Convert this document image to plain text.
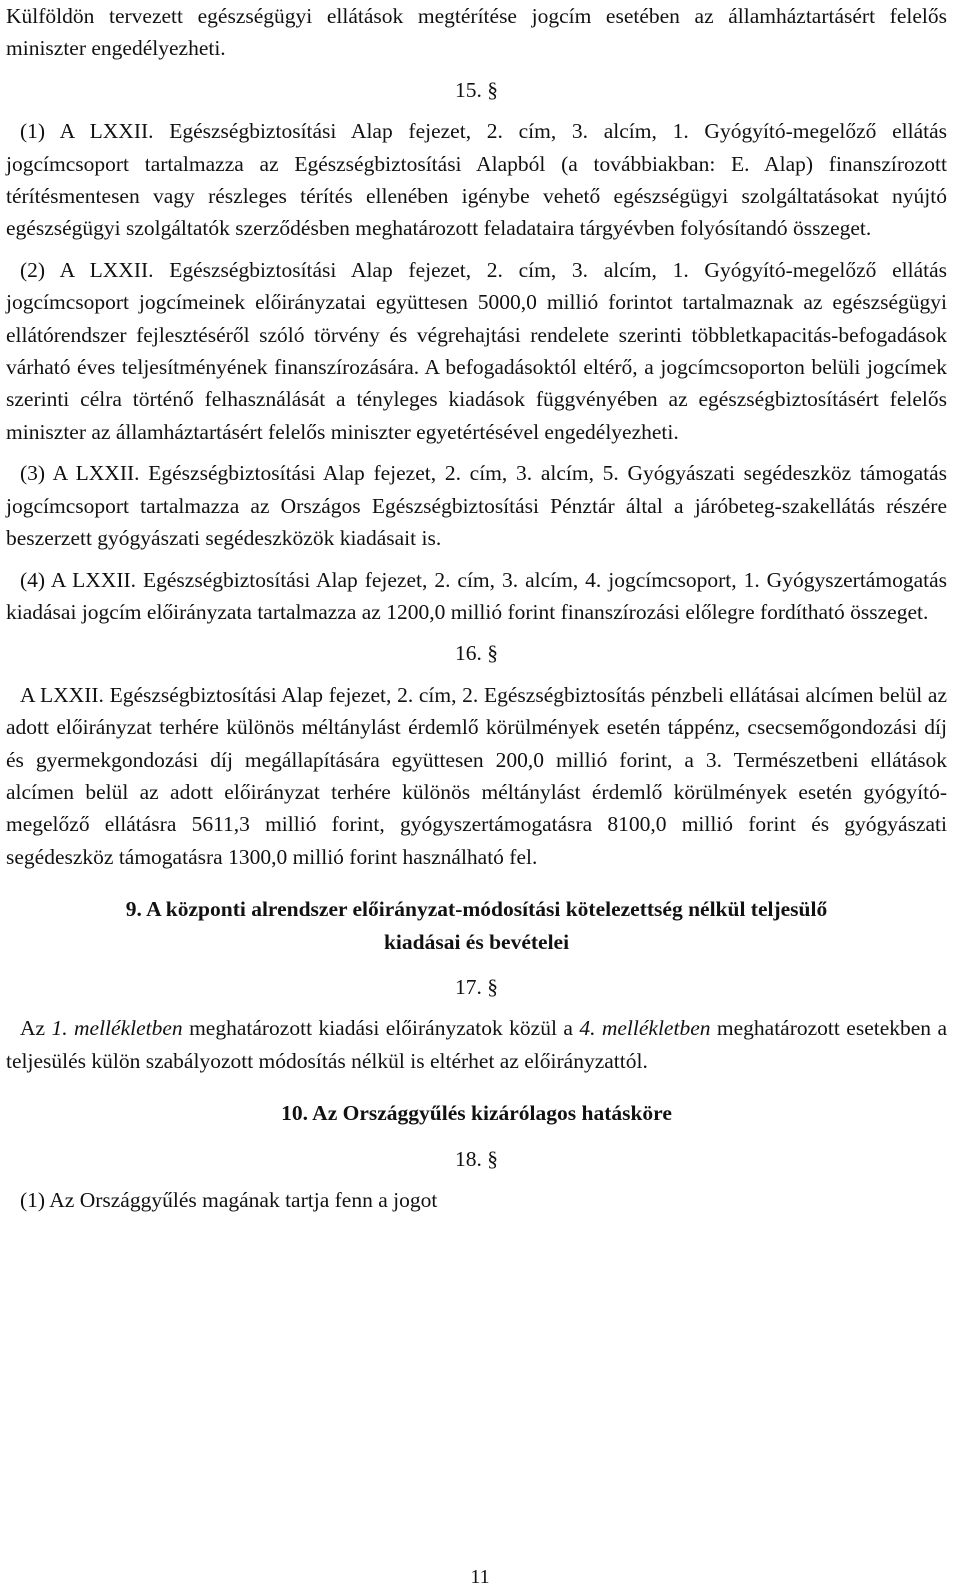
Külföldön tervezett egészségügyi ellátások megtérítése jogcím esetében az államháztartásért felelős miniszter engedélyezheti.

15. §

(1) A LXXII. Egészségbiztosítási Alap fejezet, 2. cím, 3. alcím, 1. Gyógyító-megelőző ellátás jogcímcsoport tartalmazza az Egészségbiztosítási Alapból (a továbbiakban: E. Alap) finanszírozott térítésmentesen vagy részleges térítés ellenében igénybe vehető egészségügyi szolgáltatásokat nyújtó egészségügyi szolgáltatók szerződésben meghatározott feladataira tárgyévben folyósítandó összeget.

(2) A LXXII. Egészségbiztosítási Alap fejezet, 2. cím, 3. alcím, 1. Gyógyító-megelőző ellátás jogcímcsoport jogcímeinek előirányzatai együttesen 5000,0 millió forintot tartalmaznak az egészségügyi ellátórendszer fejlesztéséről szóló törvény és végrehajtási rendelete szerinti többletkapacitás-befogadások várható éves teljesítményének finanszírozására. A befogadásoktól eltérő, a jogcímcsoporton belüli jogcímek szerinti célra történő felhasználását a tényleges kiadások függvényében az egészségbiztosításért felelős miniszter az államháztartásért felelős miniszter egyetértésével engedélyezheti.

(3) A LXXII. Egészségbiztosítási Alap fejezet, 2. cím, 3. alcím, 5. Gyógyászati segédeszköz támogatás jogcímcsoport tartalmazza az Országos Egészségbiztosítási Pénztár által a járóbeteg-szakellátás részére beszerzett gyógyászati segédeszközök kiadásait is.

(4) A LXXII. Egészségbiztosítási Alap fejezet, 2. cím, 3. alcím, 4. jogcímcsoport, 1. Gyógyszertámogatás kiadásai jogcím előirányzata tartalmazza az 1200,0 millió forint finanszírozási előlegre fordítható összeget.

16. §

A LXXII. Egészségbiztosítási Alap fejezet, 2. cím, 2. Egészségbiztosítás pénzbeli ellátásai alcímen belül az adott előirányzat terhére különös méltánylást érdemlő körülmények esetén táppénz, csecsemőgondozási díj és gyermekgondozási díj megállapítására együttesen 200,0 millió forint, a 3. Természetbeni ellátások alcímen belül az adott előirányzat terhére különös méltánylást érdemlő körülmények esetén gyógyító-megelőző ellátásra 5611,3 millió forint, gyógyszertámogatásra 8100,0 millió forint és gyógyászati segédeszköz támogatásra 1300,0 millió forint használható fel.

9. A központi alrendszer előirányzat-módosítási kötelezettség nélkül teljesülő

kiadásai és bevételei

17. §

Az 1. mellékletben meghatározott kiadási előirányzatok közül a 4. mellékletben meghatározott esetekben a teljesülés külön szabályozott módosítás nélkül is eltérhet az előirányzattól.

10. Az Országgyűlés kizárólagos hatásköre

18. §

(1) Az Országgyűlés magának tartja fenn a jogot

11
